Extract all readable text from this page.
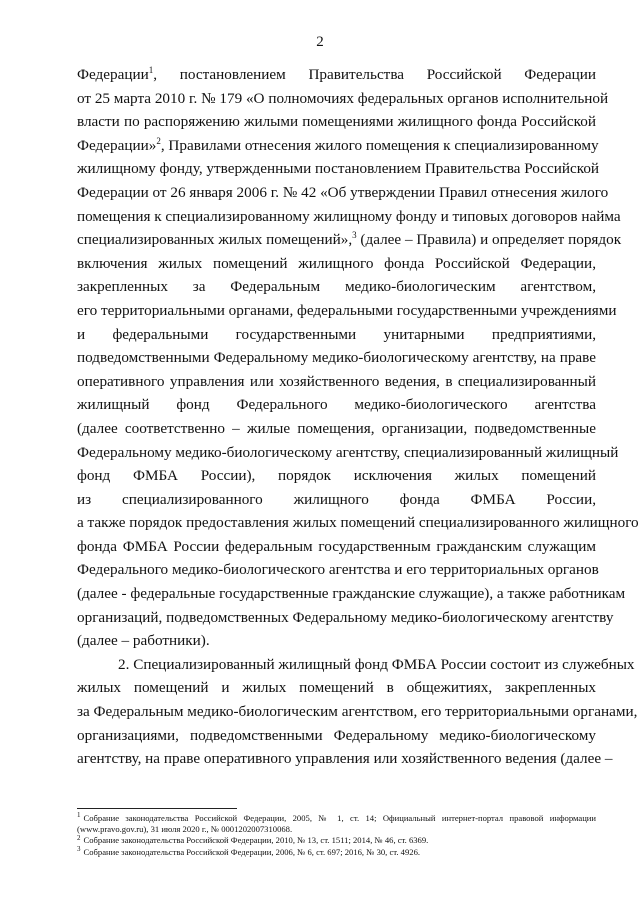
2
Федерации$^1$, постановлением Правительства Российской Федерации
от 25 марта 2010 г. № 179 «О полномочиях федеральных органов исполнительной
власти по распоряжению жилыми помещениями жилищного фонда Российской
Федерации»$^2$, Правилами отнесения жилого помещения к специализированному
жилищному фонду, утвержденными постановлением Правительства Российской
Федерации от 26 января 2006 г. № 42 «Об утверждении Правил отнесения жилого
помещения к специализированному жилищному фонду и типовых договоров найма
специализированных жилых помещений»,$^3$ (далее – Правила) и определяет порядок
включения жилых помещений жилищного фонда Российской Федерации,
закрепленных за Федеральным медико-биологическим агентством,
его территориальными органами, федеральными государственными учреждениями
и федеральными государственными унитарными предприятиями,
подведомственными Федеральному медико-биологическому агентству, на праве
оперативного управления или хозяйственного ведения, в специализированный
жилищный фонд Федерального медико-биологического агентства
(далее соответственно – жилые помещения, организации, подведомственные
Федеральному медико-биологическому агентству, специализированный жилищный
фонд ФМБА России), порядок исключения жилых помещений
из специализированного жилищного фонда ФМБА России,
а также порядок предоставления жилых помещений специализированного жилищного
фонда ФМБА России федеральным государственным гражданским служащим
Федерального медико-биологического агентства и его территориальных органов
(далее - федеральные государственные гражданские служащие), а также работникам
организаций, подведомственных Федеральному медико-биологическому агентству
(далее – работники).
2. Специализированный жилищный фонд ФМБА России состоит из служебных
жилых помещений и жилых помещений в общежитиях, закрепленных
за Федеральным медико-биологическим агентством, его территориальными органами,
организациями, подведомственными Федеральному медико-биологическому
агентству, на праве оперативного управления или хозяйственного ведения (далее –
$^1$ Собрание законодательства Российской Федерации, 2005, № 1, ст. 14; Официальный интернет-портал правовой информации
(www.pravo.gov.ru), 31 июля 2020 г., № 0001202007310068.
$^2$ Собрание законодательства Российской Федерации, 2010, № 13, ст. 1511; 2014, № 46, ст. 6369.
$^3$ Собрание законодательства Российской Федерации, 2006, № 6, ст. 697; 2016, № 30, ст. 4926.
